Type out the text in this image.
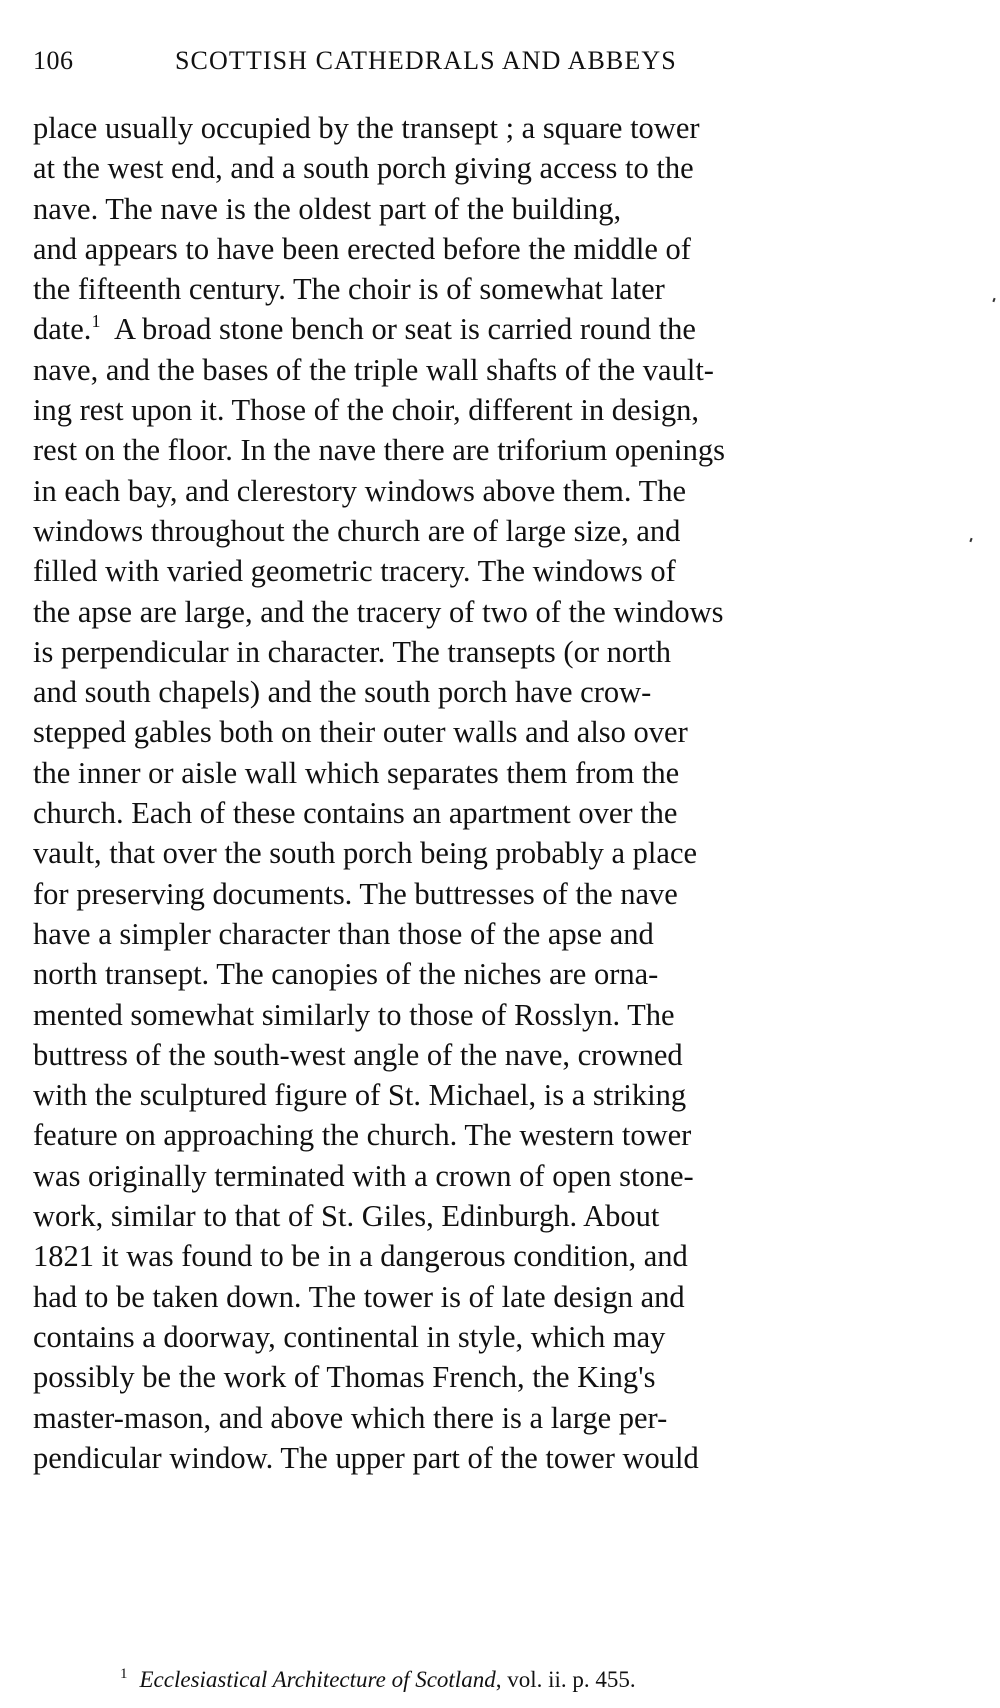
106	SCOTTISH CATHEDRALS AND ABBEYS
place usually occupied by the transept ; a square tower
at the west end, and a south porch giving access to the
nave. The nave is the oldest part of the building,
and appears to have been erected before the middle of
the fifteenth century. The choir is of somewhat later
date.$^1$  A broad stone bench or seat is carried round the
nave, and the bases of the triple wall shafts of the vault-
ing rest upon it. Those of the choir, different in design,
rest on the floor. In the nave there are triforium openings
in each bay, and clerestory windows above them. The
windows throughout the church are of large size, and
filled with varied geometric tracery. The windows of
the apse are large, and the tracery of two of the windows
is perpendicular in character. The transepts (or north
and south chapels) and the south porch have crow-
stepped gables both on their outer walls and also over
the inner or aisle wall which separates them from the
church. Each of these contains an apartment over the
vault, that over the south porch being probably a place
for preserving documents. The buttresses of the nave
have a simpler character than those of the apse and
north transept. The canopies of the niches are orna-
mented somewhat similarly to those of Rosslyn. The
buttress of the south-west angle of the nave, crowned
with the sculptured figure of St. Michael, is a striking
feature on approaching the church. The western tower
was originally terminated with a crown of open stone-
work, similar to that of St. Giles, Edinburgh. About
1821 it was found to be in a dangerous condition, and
had to be taken down. The tower is of late design and
contains a doorway, continental in style, which may
possibly be the work of Thomas French, the King's
master-mason, and above which there is a large per-
pendicular window. The upper part of the tower would
$^1$ Ecclesiastical Architecture of Scotland, vol. ii. p. 455.
